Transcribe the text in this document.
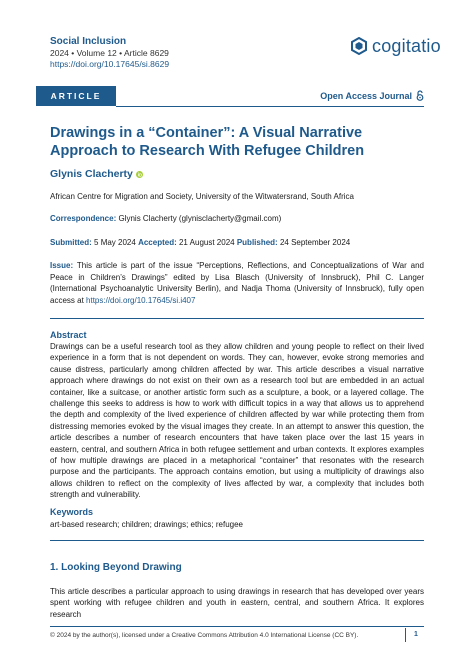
Social Inclusion
2024 • Volume 12 • Article 8629
https://doi.org/10.17645/si.8629
cogitatio
ARTICLE	Open Access Journal
Drawings in a “Container”: A Visual Narrative Approach to Research With Refugee Children
Glynis Clacherty
African Centre for Migration and Society, University of the Witwatersrand, South Africa
Correspondence: Glynis Clacherty (glynisclacherty@gmail.com)
Submitted: 5 May 2024 Accepted: 21 August 2024 Published: 24 September 2024
Issue: This article is part of the issue “Perceptions, Reflections, and Conceptualizations of War and Peace in Children’s Drawings” edited by Lisa Blasch (University of Innsbruck), Phil C. Langer (International Psychoanalytic University Berlin), and Nadja Thoma (University of Innsbruck), fully open access at https://doi.org/10.17645/si.i407
Abstract
Drawings can be a useful research tool as they allow children and young people to reflect on their lived experience in a form that is not dependent on words. They can, however, evoke strong memories and cause distress, particularly among children affected by war. This article describes a visual narrative approach where drawings do not exist on their own as a research tool but are embedded in an actual container, like a suitcase, or another artistic form such as a sculpture, a book, or a layered collage. The challenge this seeks to address is how to work with difficult topics in a way that allows us to apprehend the depth and complexity of the lived experience of children affected by war while protecting them from distressing memories evoked by the visual images they create. In an attempt to answer this question, the article describes a number of research encounters that have taken place over the last 15 years in eastern, central, and southern Africa in both refugee settlement and urban contexts. It explores examples of how multiple drawings are placed in a metaphorical “container” that resonates with the research purpose and the participants. The approach contains emotion, but using a multiplicity of drawings also allows children to reflect on the complexity of lives affected by war, a complexity that includes both strength and vulnerability.
Keywords
art-based research; children; drawings; ethics; refugee
1. Looking Beyond Drawing
This article describes a particular approach to using drawings in research that has developed over years spent working with refugee children and youth in eastern, central, and southern Africa. It explores research
© 2024 by the author(s), licensed under a Creative Commons Attribution 4.0 International License (CC BY).	1
